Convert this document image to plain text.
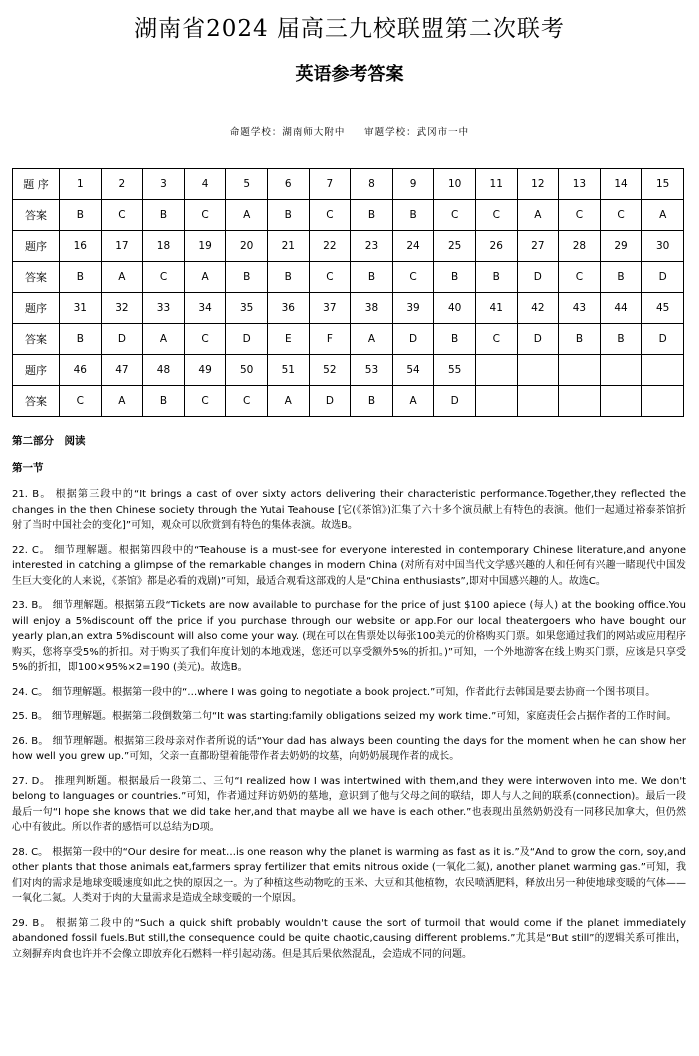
湖南省2024 届高三九校联盟第二次联考
英语参考答案
命题学校：湖南师大附中 审题学校：武冈市一中
题 序	1	2	3	4	5	6	7	8	9	10	11	12	13	14	15
答案	B	C	B	C	A	B	C	B	B	C	C	A	C	C	A
题序	16	17	18	19	20	21	22	23	24	25	26	27	28	29	30
答案	B	A	C	A	B	B	C	B	C	B	B	D	C	B	D
题序	31	32	33	34	35	36	37	38	39	40	41	42	43	44	45
答案	B	D	A	C	D	E	F	A	D	B	C	D	B	B	D
题序	46	47	48	49	50	51	52	53	54	55					
答案	C	A	B	C	C	A	D	B	A	D					
第二部分　阅读
第一节
21. B。 根据第三段中的“It brings a cast of over sixty actors delivering their characteristic performance.Together,they reflected the changes in the then Chinese society through the Yutai Teahouse [它(《茶馆》)汇集了六十多个演员献上有特色的表演。他们一起通过裕泰茶馆折射了当时中国社会的变化]”可知，观众可以欣赏到有特色的集体表演。故选B。
22. C。 细节理解题。根据第四段中的“Teahouse is a must-see for everyone interested in contemporary Chinese literature,and anyone interested in catching a glimpse of the remarkable changes in modern China (对所有对中国当代文学感兴趣的人和任何有兴趣一睹现代中国发生巨大变化的人来说，《茶馆》都是必看的戏剧)”可知，最适合观看这部戏的人是“China enthusiasts”,即对中国感兴趣的人。故选C。
23. B。 细节理解题。根据第五段“Tickets are now available to purchase for the price of just $100 apiece (每人) at the booking office.You will enjoy a 5%discount off the price if you purchase through our website or app.For our local theatergoers who have bought our yearly plan,an extra 5%discount will also come your way. (现在可以在售票处以每张100美元的价格购买门票。如果您通过我们的网站或应用程序购买，您将享受5%的折扣。对于购买了我们年度计划的本地戏迷，您还可以享受额外5%的折扣。)”可知，一个外地游客在线上购买门票，应该是只享受5%的折扣，即100×95%×2=190 (美元)。故选B。
24. C。 细节理解题。根据第一段中的“…where I was going to negotiate a book project.”可知，作者此行去韩国是要去协商一个图书项目。
25. B。 细节理解题。根据第二段倒数第二句“It was starting:family obligations seized my work time.”可知，家庭责任会占据作者的工作时间。
26. B。 细节理解题。根据第三段母亲对作者所说的话“Your dad has always been counting the days for the moment when he can show her how well you grew up.”可知，父亲一直都盼望着能带作者去奶奶的坟墓，向奶奶展现作者的成长。
27. D。 推理判断题。根据最后一段第二、三句“I realized how I was intertwined with them,and they were interwoven into me. We don't belong to languages or countries.”可知，作者通过拜访奶奶的墓地，意识到了他与父母之间的联结，即人与人之间的联系(connection)。最后一段最后一句“I hope she knows that we did take her,and that maybe all we have is each other.”也表现出虽然奶奶没有一同移民加拿大，但仍然心中有彼此。所以作者的感悟可以总结为D项。
28. C。 根据第一段中的“Our desire for meat…is one reason why the planet is warming as fast as it is.”及“And to grow the corn, soy,and other plants that those animals eat,farmers spray fertilizer that emits nitrous oxide (一氧化二氮), another planet warming gas.”可知，我们对肉的需求是地球变暖速度如此之快的原因之一。为了种植这些动物吃的玉米、大豆和其他植物，农民喷洒肥料，释放出另一种使地球变暖的气体——一氧化二氮。人类对于肉的大量需求是造成全球变暖的一个原因。
29. B。 根据第二段中的“Such a quick shift probably wouldn't cause the sort of turmoil that would come if the planet immediately abandoned fossil fuels.But still,the consequence could be quite chaotic,causing different problems.”尤其是“But still”的逻辑关系可推出，立刻摒弃肉食也许并不会像立即放弃化石燃料一样引起动荡。但是其后果依然混乱，会造成不同的问题。
